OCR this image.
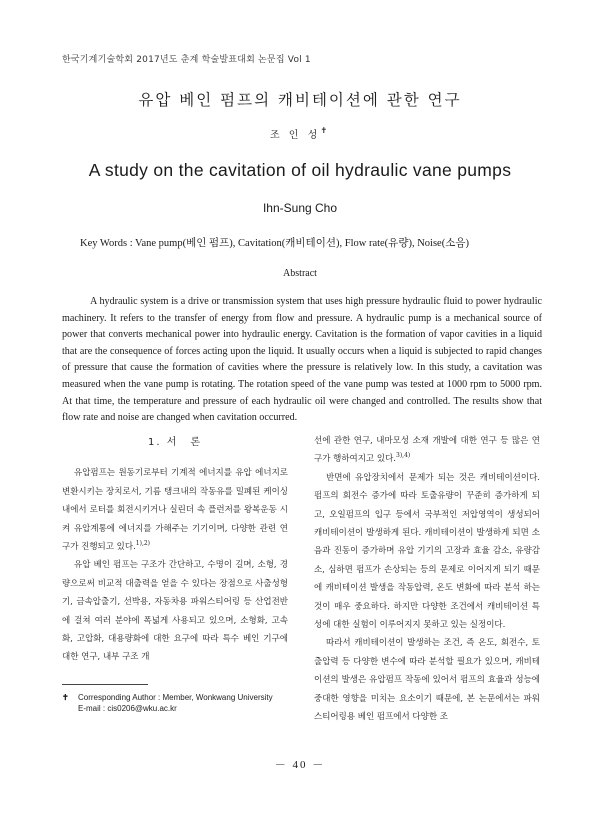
한국기계기술학회 2017년도 춘계 학술발표대회 논문집 Vol 1
유압 베인 펌프의 캐비테이션에 관한 연구
조 인 성✝
A study on the cavitation of oil hydraulic vane pumps
Ihn-Sung Cho
Key Words : Vane pump(베인 펌프), Cavitation(캐비테이션), Flow rate(유량), Noise(소음)
Abstract

A hydraulic system is a drive or transmission system that uses high pressure hydraulic fluid to power hydraulic machinery. It refers to the transfer of energy from flow and pressure. A hydraulic pump is a mechanical source of power that converts mechanical power into hydraulic energy. Cavitation is the formation of vapor cavities in a liquid that are the consequence of forces acting upon the liquid. It usually occurs when a liquid is subjected to rapid changes of pressure that cause the formation of cavities where the pressure is relatively low. In this study, a cavitation was measured when the vane pump is rotating. The rotation speed of the vane pump was tested at 1000 rpm to 5000 rpm. At that time, the temperature and pressure of each hydraulic oil were changed and controlled. The results show that flow rate and noise are changed when cavitation occurred.

1. 서　론

유압펌프는 원동기로부터 기계적 에너지를 유압 에너지로 변환시키는 장치로서, 기름 탱크내의 작동유를 밀폐된 케이싱 내에서 로터를 회전시키거나 실린더 속 플런저를 왕복운동 시켜 유압계통에 에너지를 가해주는 기기이며, 다양한 관련 연구가 진행되고 있다.$^{1),2)}$

유압 베인 펌프는 구조가 간단하고, 수명이 길며, 소형, 경량으로써 비교적 대출력을 얻을 수 있다는 장점으로 사출성형기, 금속압출기, 선박용, 자동차용 파워스티어링 등 산업전반에 걸쳐 여러 분야에 폭넓게 사용되고 있으며, 소형화, 고속화, 고압화, 대용량화에 대한 요구에 따라 특수 베인 기구에 대한 연구, 내부 구조 개

선에 관한 연구, 내마모성 소재 개발에 대한 연구 등 많은 연구가 행하여지고 있다.$^{3),4)}$

반면에 유압장치에서 문제가 되는 것은 캐비테이션이다. 펌프의 회전수 증가에 따라 토출유량이 꾸준히 증가하게 되고, 오일펌프의 입구 등에서 국부적인 저압영역이 생성되어 캐비테이션이 발생하게 된다. 캐비테이션이 발생하게 되면 소음과 진동이 증가하며 유압 기기의 고장과 효율 감소, 유량감소, 심하면 펌프가 손상되는 등의 문제로 이어지게 되기 때문에 캐비테이션 발생을 작동압력, 온도 변화에 따라 분석 하는 것이 매우 중요하다. 하지만 다양한 조건에서 캐비테이션 특성에 대한 실험이 이루어지지 못하고 있는 실정이다.

따라서 캐비테이션이 발생하는 조건, 즉 온도, 회전수, 토출압력 등 다양한 변수에 따라 분석할 필요가 있으며, 캐비테이션의 발생은 유압펌프 작동에 있어서 펌프의 효율과 성능에 중대한 영향을 미치는 요소이기 때문에, 본 논문에서는 파워스티어링용 베인 펌프에서 다양한 조

✝	Corresponding Author : Member, Wonkwang University
E-mail : cis0206@wku.ac.kr
－ 40 －
